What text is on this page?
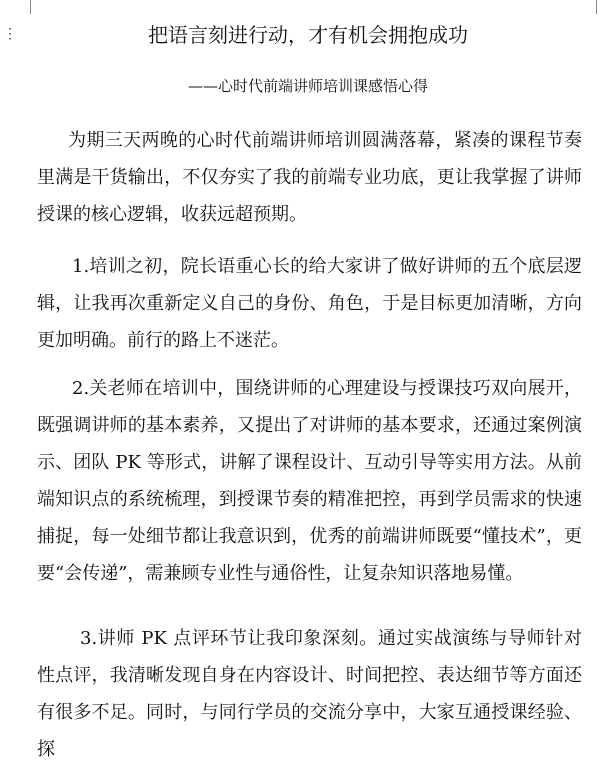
⋮
把语言刻进行动，才有机会拥抱成功
——心时代前端讲师培训课感悟心得

为期三天两晚的心时代前端讲师培训圆满落幕，紧凑的课程节奏里满是干货输出，不仅夯实了我的前端专业功底，更让我掌握了讲师授课的核心逻辑，收获远超预期。

1.培训之初，院长语重心长的给大家讲了做好讲师的五个底层逻辑，让我再次重新定义自己的身份、角色，于是目标更加清晰，方向更加明确。前行的路上不迷茫。

2.关老师在培训中，围绕讲师的心理建设与授课技巧双向展开，既强调讲师的基本素养，又提出了对讲师的基本要求，还通过案例演示、团队 PK 等形式，讲解了课程设计、互动引导等实用方法。从前端知识点的系统梳理，到授课节奏的精准把控，再到学员需求的快速捕捉，每一处细节都让我意识到，优秀的前端讲师既要“懂技术”，更要“会传递”，需兼顾专业性与通俗性，让复杂知识落地易懂。

3.讲师 PK 点评环节让我印象深刻。通过实战演练与导师针对性点评，我清晰发现自身在内容设计、时间把控、表达细节等方面还有很多不足。同时，与同行学员的交流分享中，大家互通授课经验、探
